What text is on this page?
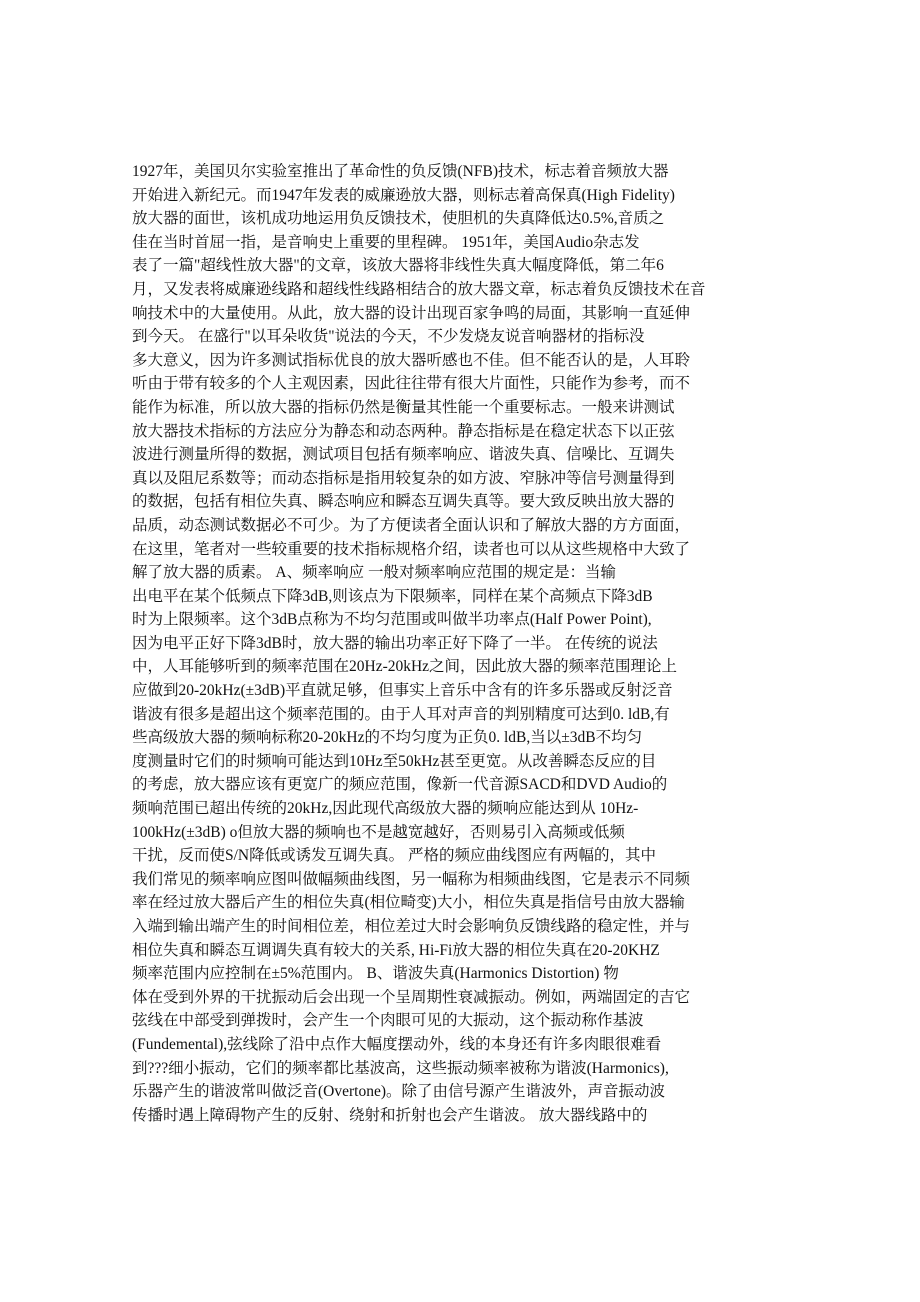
1927年，美国贝尔实验室推出了革命性的负反馈(NFB)技术，标志着音频放大器
开始进入新纪元。而1947年发表的威廉逊放大器，则标志着高保真(High Fidelity)
放大器的面世，该机成功地运用负反馈技术，使胆机的失真降低达0.5%,音质之
佳在当时首屈一指，是音响史上重要的里程碑。 1951年，美国Audio杂志发
表了一篇"超线性放大器"的文章，该放大器将非线性失真大幅度降低，第二年6
月，又发表将威廉逊线路和超线性线路相结合的放大器文章，标志着负反馈技术在音
响技术中的大量使用。从此，放大器的设计出现百家争鸣的局面，其影响一直延伸
到今天。 在盛行"以耳朵收货"说法的今天，不少发烧友说音响器材的指标没
多大意义，因为许多测试指标优良的放大器听感也不佳。但不能否认的是，人耳聆
听由于带有较多的个人主观因素，因此往往带有很大片面性，只能作为参考，而不
能作为标准，所以放大器的指标仍然是衡量其性能一个重要标志。一般来讲测试
放大器技术指标的方法应分为静态和动态两种。静态指标是在稳定状态下以正弦
波进行测量所得的数据，测试项目包括有频率响应、谐波失真、信噪比、互调失
真以及阻尼系数等；而动态指标是指用较复杂的如方波、窄脉冲等信号测量得到
的数据，包括有相位失真、瞬态响应和瞬态互调失真等。要大致反映出放大器的
品质，动态测试数据必不可少。为了方便读者全面认识和了解放大器的方方面面，
在这里，笔者对一些较重要的技术指标规格介绍，读者也可以从这些规格中大致了
解了放大器的质素。 A、频率响应 一般对频率响应范围的规定是：当输
出电平在某个低频点下降3dB,则该点为下限频率，同样在某个高频点下降3dB
时为上限频率。这个3dB点称为不均匀范围或叫做半功率点(Half Power Point),
因为电平正好下降3dB时，放大器的输出功率正好下降了一半。 在传统的说法
中，人耳能够听到的频率范围在20Hz-20kHz之间，因此放大器的频率范围理论上
应做到20-20kHz(±3dB)平直就足够，但事实上音乐中含有的许多乐器或反射泛音
谐波有很多是超出这个频率范围的。由于人耳对声音的判别精度可达到0. ldB,有
些高级放大器的频响标称20-20kHz的不均匀度为正负0. ldB,当以±3dB不均匀
度测量时它们的时频响可能达到10Hz至50kHz甚至更宽。从改善瞬态反应的目
的考虑，放大器应该有更宽广的频应范围，像新一代音源SACD和DVD Audio的
频响范围已超出传统的20kHz,因此现代高级放大器的频响应能达到从 10Hz-
100kHz(±3dB) o但放大器的频响也不是越宽越好，否则易引入高频或低频
干扰，反而使S/N降低或诱发互调失真。 严格的频应曲线图应有两幅的，其中
我们常见的频率响应图叫做幅频曲线图，另一幅称为相频曲线图，它是表示不同频
率在经过放大器后产生的相位失真(相位畸变)大小，相位失真是指信号由放大器输
入端到输出端产生的时间相位差，相位差过大时会影响负反馈线路的稳定性，并与
相位失真和瞬态互调调失真有较大的关系, Hi-Fi放大器的相位失真在20-20KHZ
频率范围内应控制在±5%范围内。 B、谐波失真(Harmonics Distortion) 物
体在受到外界的干扰振动后会出现一个呈周期性衰减振动。例如，两端固定的吉它
弦线在中部受到弹拨时，会产生一个肉眼可见的大振动，这个振动称作基波
(Fundemental),弦线除了沿中点作大幅度摆动外，线的本身还有许多肉眼很难看
到???细小振动，它们的频率都比基波高，这些振动频率被称为谐波(Harmonics),
乐器产生的谐波常叫做泛音(Overtone)。除了由信号源产生谐波外，声音振动波
传播时遇上障碍物产生的反射、绕射和折射也会产生谐波。 放大器线路中的
